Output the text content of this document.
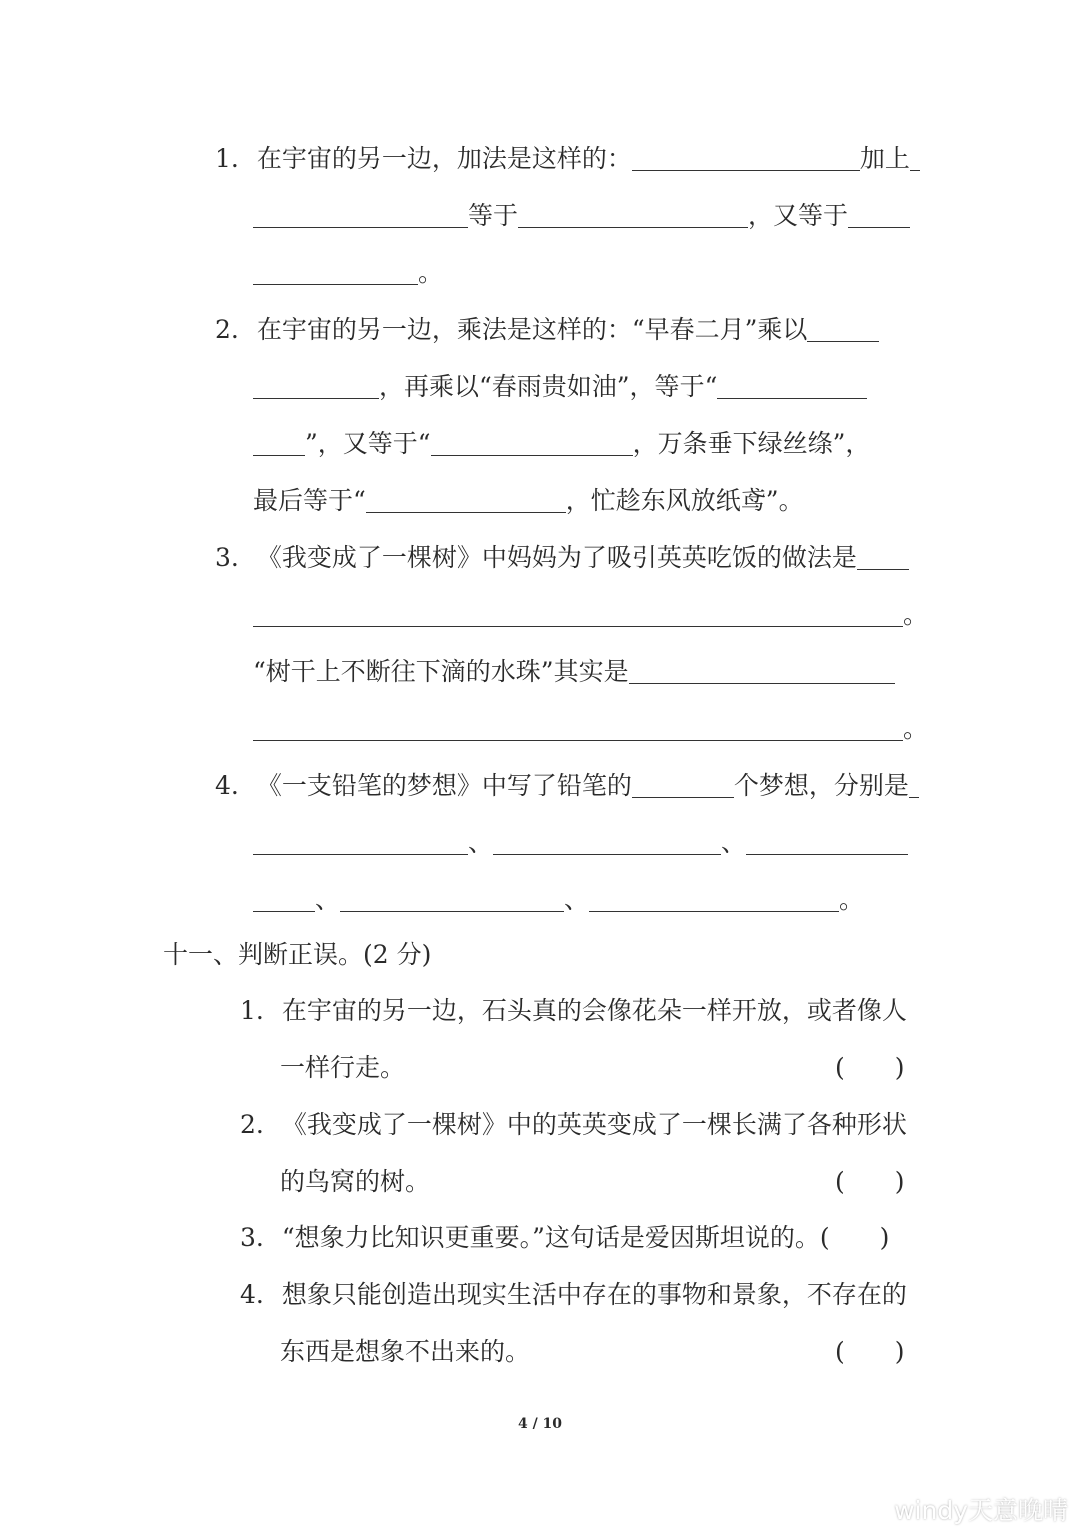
1. 在宇宙的另一边，加法是这样的：	加上
等于	，又等于
。
2. 在宇宙的另一边，乘法是这样的：“早春二月”乘以
，再乘以“春雨贵如油”，等于“
”，又等于“	，万条垂下绿丝绦”，
最后等于“	，忙趁东风放纸鸢”。
3. 《我变成了一棵树》中妈妈为了吸引英英吃饭的做法是
。
“树干上不断往下滴的水珠”其实是
。
4. 《一支铅笔的梦想》中写了铅笔的	个梦想，分别是
、	、
、	、	。
十一、判断正误。(2 分)
1. 在宇宙的另一边，石头真的会像花朵一样开放，或者像人
一样行走。	(　　)
2. 《我变成了一棵树》中的英英变成了一棵长满了各种形状
的鸟窝的树。	(　　)
3. “想象力比知识更重要。”这句话是爱因斯坦说的。(　　)
4. 想象只能创造出现实生活中存在的事物和景象，不存在的
东西是想象不出来的。	(　　)
4 / 10
windy天意晚晴
